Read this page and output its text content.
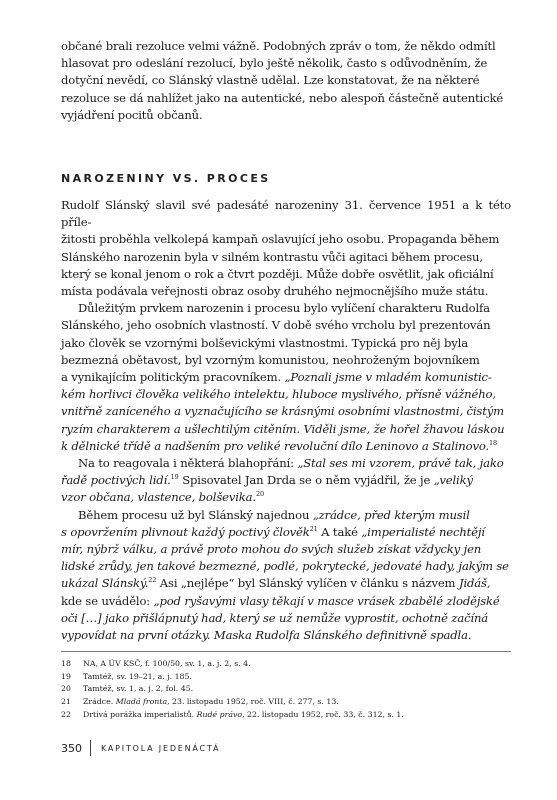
občané brali rezoluce velmi vážně. Podobných zpráv o tom, že někdo odmítl
hlasovat pro odeslání rezolucí, bylo ještě několik, často s odůvodněním, že
dotyční nevědí, co Slánský vlastně udělal. Lze konstatovat, že na některé
rezoluce se dá nahlížet jako na autentické, nebo alespoň částečně autentické
vyjádření pocitů občanů.
NAROZENINY VS. PROCES
Rudolf Slánský slavil své padesáté narozeniny 31. července 1951 a k této příle-
žitosti proběhla velkolepá kampaň oslavující jeho osobu. Propaganda během
Slánského narozenin byla v silném kontrastu vůči agitaci během procesu,
který se konal jenom o rok a čtvrt později. Může dobře osvětlit, jak oficiální
místa podávala veřejnosti obraz osoby druhého nejmocnějšího muže státu.
Důležitým prvkem narozenin i procesu bylo vylíčení charakteru Rudolfa
Slánského, jeho osobních vlastností. V době svého vrcholu byl prezentován
jako člověk se vzornými bolševickými vlastnostmi. Typická pro něj byla
bezmezná obětavost, byl vzorným komunistou, neohroženým bojovníkem
a vynikajícím politickým pracovníkem. „Poznali jsme v mladém komunistic-
kém horlivci člověka velikého intelektu, hluboce myslivého, přísně vážného,
vnitřně zaníceného a vyznačujícího se krásnými osobními vlastnostmi, čistým
ryzím charakterem a ušlechtilým citěním. Viděli jsme, že hořel žhavou láskou
k dělnické třídě a nadšením pro veliké revoluční dílo Leninovo a Stalinovo.$^{18}$
Na to reagovala i některá blahopřání: „Stal ses mi vzorem, právě tak, jako
řadě poctivých lidí.$^{19}$ Spisovatel Jan Drda se o něm vyjádřil, že je „veliký
vzor občana, vlastence, bolševika.$^{20}$
Během procesu už byl Slánský najednou „zrádce, před kterým musil
s opovržením plivnout každý poctivý člověk$^{21}$ A také „imperialisté nechtějí
mír, nýbrž válku, a právě proto mohou do svých služeb získat vždycky jen
lidské zrůdy, jen takové bezmezné, podlé, pokrytecké, jedovaté hady, jakým se
ukázal Slánský.$^{22}$ Asi „nejlépe“ byl Slánský vylíčen v článku s názvem Jidáš,
kde se uvádělo: „pod ryšavými vlasy těkají v masce vrásek zbabělé zlodějské
oči […] jako přišlápnutý had, který se už nemůže vyprostit, ochotně začíná
vypovídat na první otázky. Maska Rudolfa Slánského definitivně spadla.
18	NA, A ÚV KSČ, f. 100/50, sv. 1, a. j. 2, s. 4.
19	Tamtéž, sv. 19–21, a. j. 185.
20	Tamtéž, sv. 1, a. j. 2, fol. 45.
21	Zrádce. Mladá fronta, 23. listopadu 1952, roč. VIII, č. 277, s. 13.
22	Drtivá porážka imperialistů. Rudé právo, 22. listopadu 1952, roč. 33, č. 312, s. 1.
350	KAPITOLA JEDENÁCTÁ
